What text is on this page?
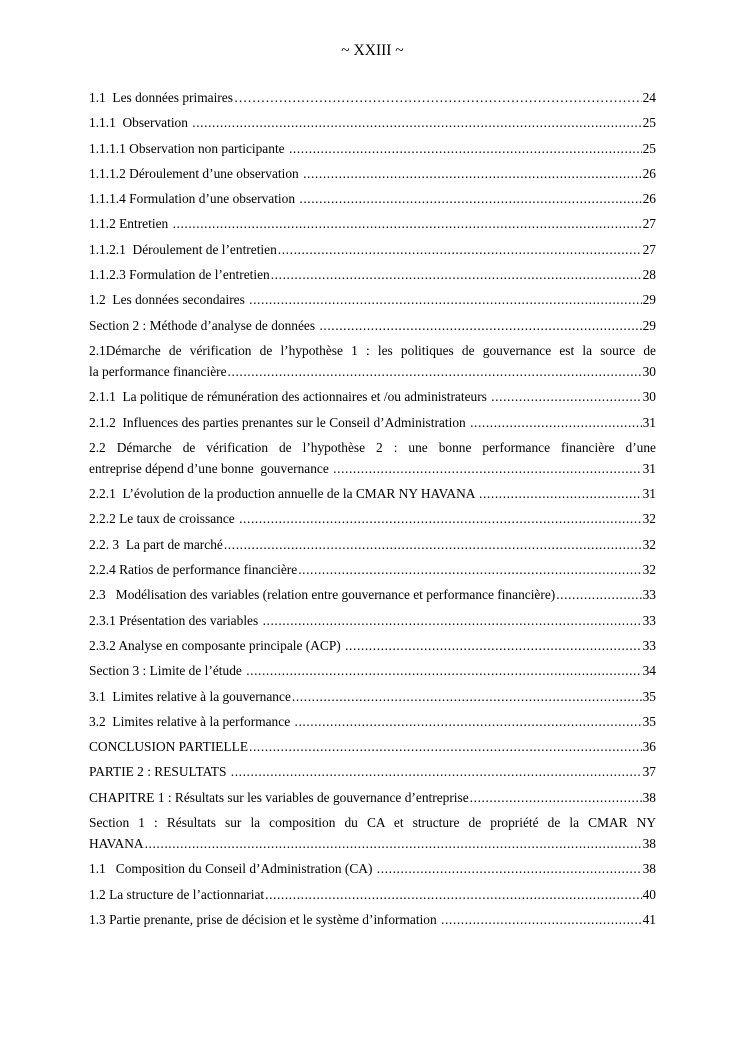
~ XXIII ~
1.1  Les données primaires …………………………………………………………………………………………………………………………	24
1.1.1  Observation .....	25
1.1.1.1 Observation non participante .....	25
1.1.1.2 Déroulement d’une observation .....	26
1.1.1.4 Formulation d’une observation .....	26
1.1.2 Entretien .....	27
1.1.2.1  Déroulement de l’entretien .....	27
1.1.2.3 Formulation de l’entretien .....	28
1.2  Les données secondaires .....	29
Section 2 : Méthode d’analyse de données .....	29
2.1Démarche de vérification de l’hypothèse 1 : les politiques de gouvernance est la source de
la performance financière .....	30
2.1.1  La politique de rémunération des actionnaires et /ou administrateurs .....	30
2.1.2  Influences des parties prenantes sur le Conseil d’Administration .....	31
2.2 Démarche de vérification de l’hypothèse 2 : une bonne performance financière d’une
entreprise dépend d’une bonne  gouvernance .....	31
2.2.1  L’évolution de la production annuelle de la CMAR NY HAVANA .....	31
2.2.2 Le taux de croissance .....	32
2.2. 3  La part de marché .....	32
2.2.4 Ratios de performance financière .....	32
2.3   Modélisation des variables (relation entre gouvernance et performance financière) .....	33
2.3.1 Présentation des variables .....	33
2.3.2 Analyse en composante principale (ACP) .....	33
Section 3 : Limite de l’étude .....	34
3.1  Limites relative à la gouvernance .....	35
3.2  Limites relative à la performance .....	35
CONCLUSION PARTIELLE .....	36
PARTIE 2 : RESULTATS .....	37
CHAPITRE 1 : Résultats sur les variables de gouvernance d’entreprise .....	38
Section 1 : Résultats sur la composition du CA et structure de propriété de la CMAR NY
HAVANA .....	38
1.1   Composition du Conseil d’Administration (CA) .....	38
1.2 La structure de l’actionnariat .....	40
1.3 Partie prenante, prise de décision et le système d’information .....	41
